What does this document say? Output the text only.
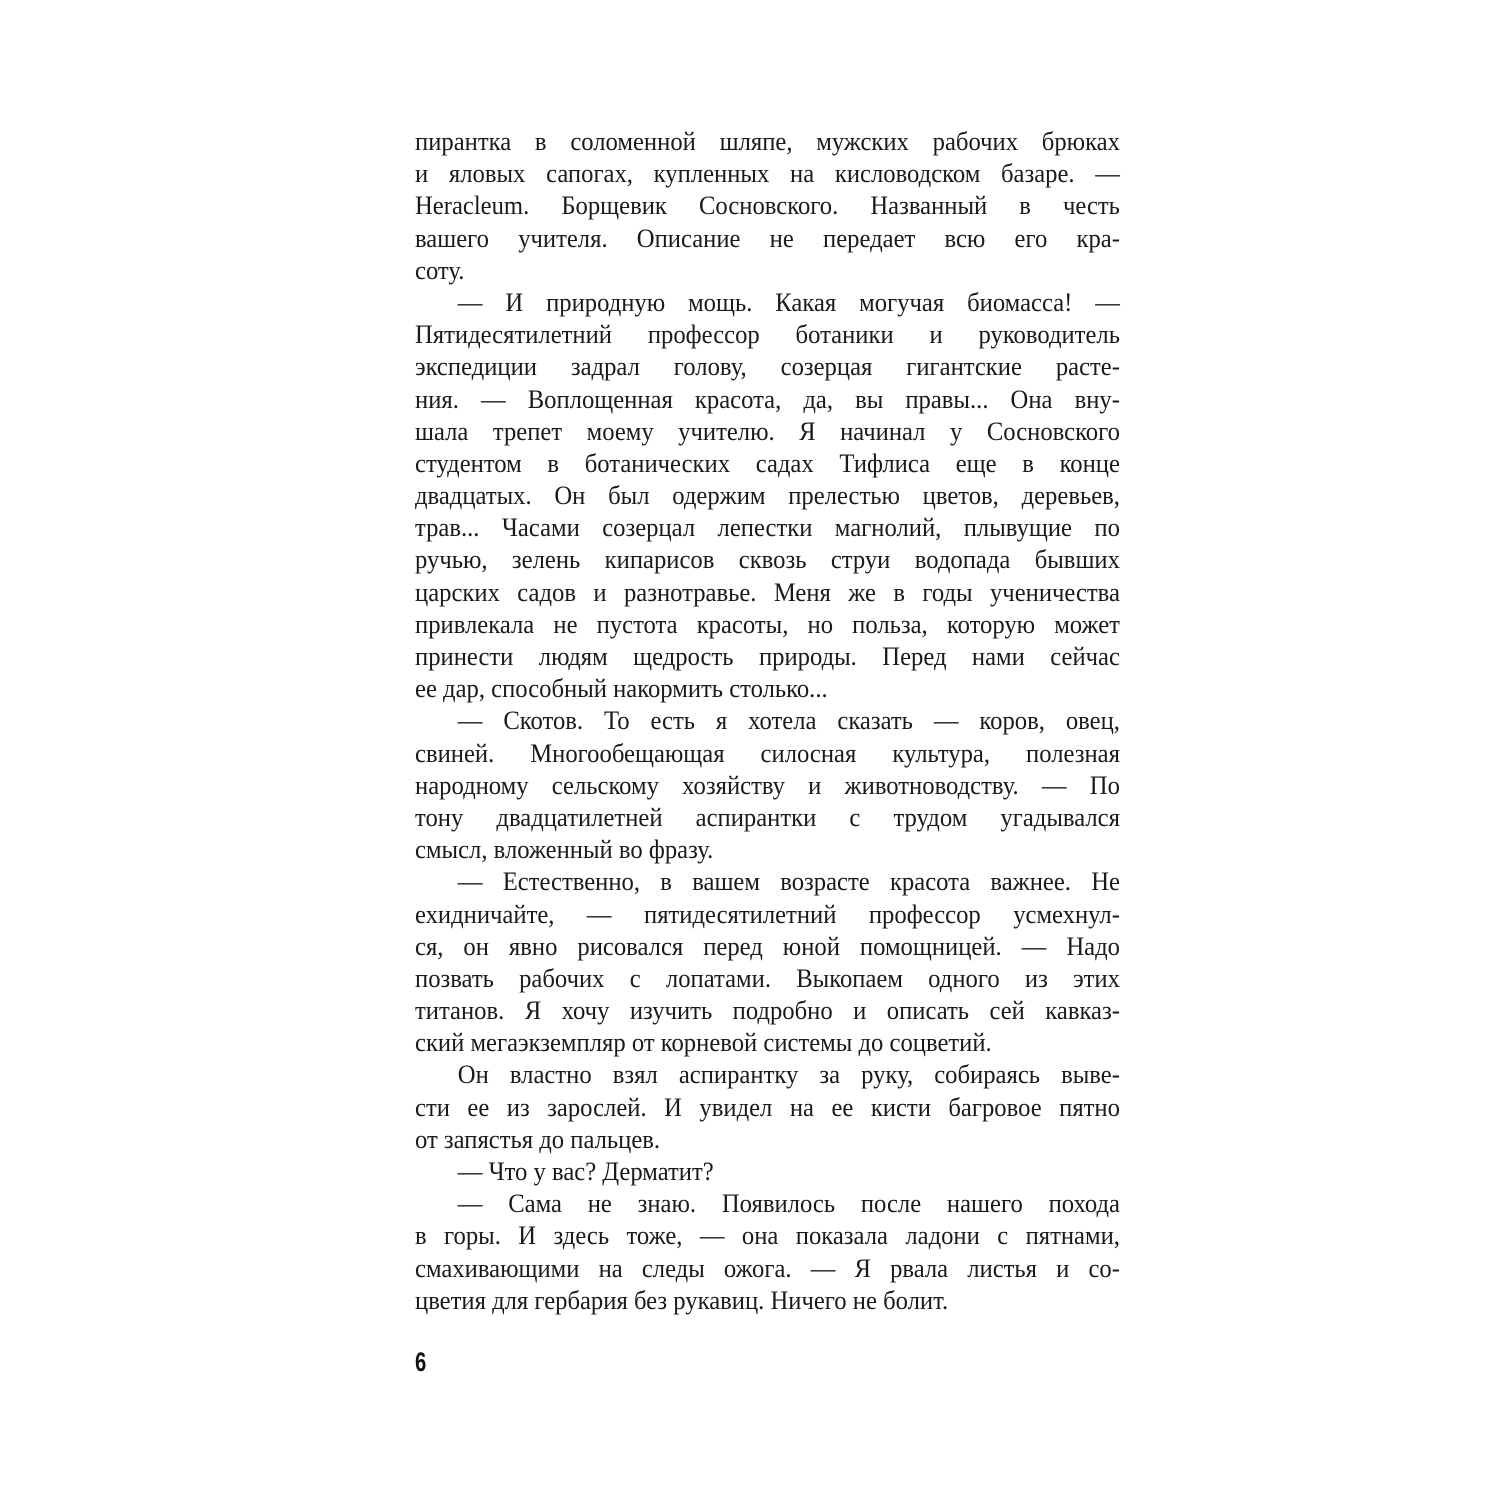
пирантка в соломенной шляпе, мужских рабочих брюках
и яловых сапогах, купленных на кисловодском базаре. —
Heracleum. Борщевик Сосновского. Названный в честь
вашего учителя. Описание не передает всю его кра-
соту.
— И природную мощь. Какая могучая биомасса! —
Пятидесятилетний профессор ботаники и руководитель
экспедиции задрал голову, созерцая гигантские расте-
ния. — Воплощенная красота, да, вы правы... Она вну-
шала трепет моему учителю. Я начинал у Сосновского
студентом в ботанических садах Тифлиса еще в конце
двадцатых. Он был одержим прелестью цветов, деревьев,
трав... Часами созерцал лепестки магнолий, плывущие по
ручью, зелень кипарисов сквозь струи водопада бывших
царских садов и разнотравье. Меня же в годы ученичества
привлекала не пустота красоты, но польза, которую может
принести людям щедрость природы. Перед нами сейчас
ее дар, способный накормить столько...
— Скотов. То есть я хотела сказать — коров, овец,
свиней. Многообещающая силосная культура, полезная
народному сельскому хозяйству и животноводству. — По
тону двадцатилетней аспирантки с трудом угадывался
смысл, вложенный во фразу.
— Естественно, в вашем возрасте красота важнее. Не
ехидничайте, — пятидесятилетний профессор усмехнул-
ся, он явно рисовался перед юной помощницей. — Надо
позвать рабочих с лопатами. Выкопаем одного из этих
титанов. Я хочу изучить подробно и описать сей кавказ-
ский мегаэкземпляр от корневой системы до соцветий.
Он властно взял аспирантку за руку, собираясь выве-
сти ее из зарослей. И увидел на ее кисти багровое пятно
от запястья до пальцев.
— Что у вас? Дерматит?
— Сама не знаю. Появилось после нашего похода
в горы. И здесь тоже, — она показала ладони с пятнами,
смахивающими на следы ожога. — Я рвала листья и со-
цветия для гербария без рукавиц. Ничего не болит.
6
